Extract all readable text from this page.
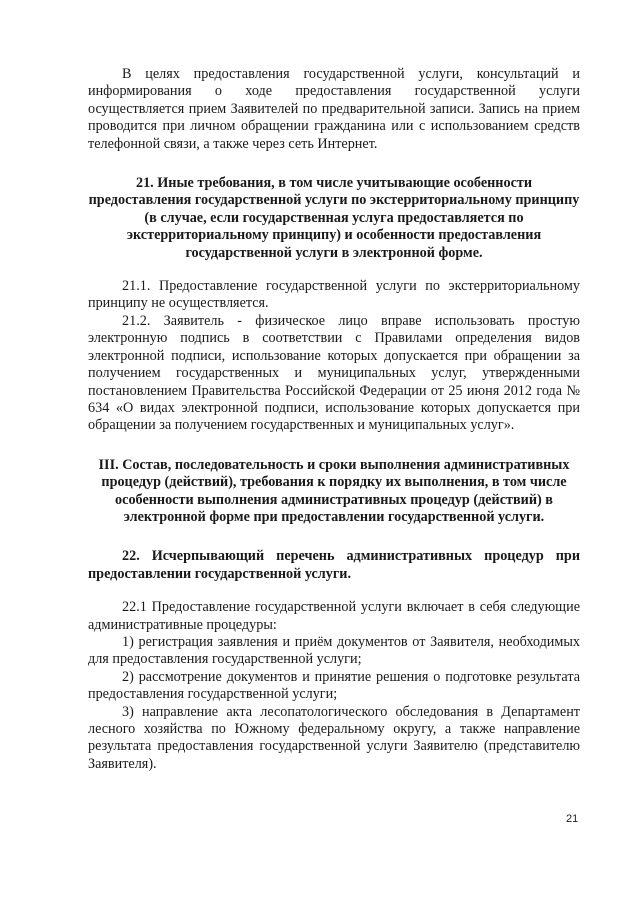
В целях предоставления государственной услуги, консультаций и информирования о ходе предоставления государственной услуги осуществляется прием Заявителей по предварительной записи. Запись на прием проводится при личном обращении гражданина или с использованием средств телефонной связи, а также через сеть Интернет.

21. Иные требования, в том числе учитывающие особенности предоставления государственной услуги по экстерриториальному принципу (в случае, если государственная услуга предоставляется по экстерриториальному принципу) и особенности предоставления государственной услуги в электронной форме.

21.1. Предоставление государственной услуги по экстерриториальному принципу не осуществляется.

21.2. Заявитель - физическое лицо вправе использовать простую электронную подпись в соответствии с Правилами определения видов электронной подписи, использование которых допускается при обращении за получением государственных и муниципальных услуг, утвержденными постановлением Правительства Российской Федерации от 25 июня 2012 года № 634 «О видах электронной подписи, использование которых допускается при обращении за получением государственных и муниципальных услуг».

III. Состав, последовательность и сроки выполнения административных процедур (действий), требования к порядку их выполнения, в том числе особенности выполнения административных процедур (действий) в электронной форме при предоставлении государственной услуги.

22. Исчерпывающий перечень административных процедур при предоставлении государственной услуги.

22.1 Предоставление государственной услуги включает в себя следующие административные процедуры:

1) регистрация заявления и приём документов от Заявителя, необходимых для предоставления государственной услуги;

2) рассмотрение документов и принятие решения о подготовке результата предоставления государственной услуги;

3) направление акта лесопатологического обследования в Департамент лесного хозяйства по Южному федеральному округу, а также направление результата предоставления государственной услуги Заявителю (представителю Заявителя).

21
